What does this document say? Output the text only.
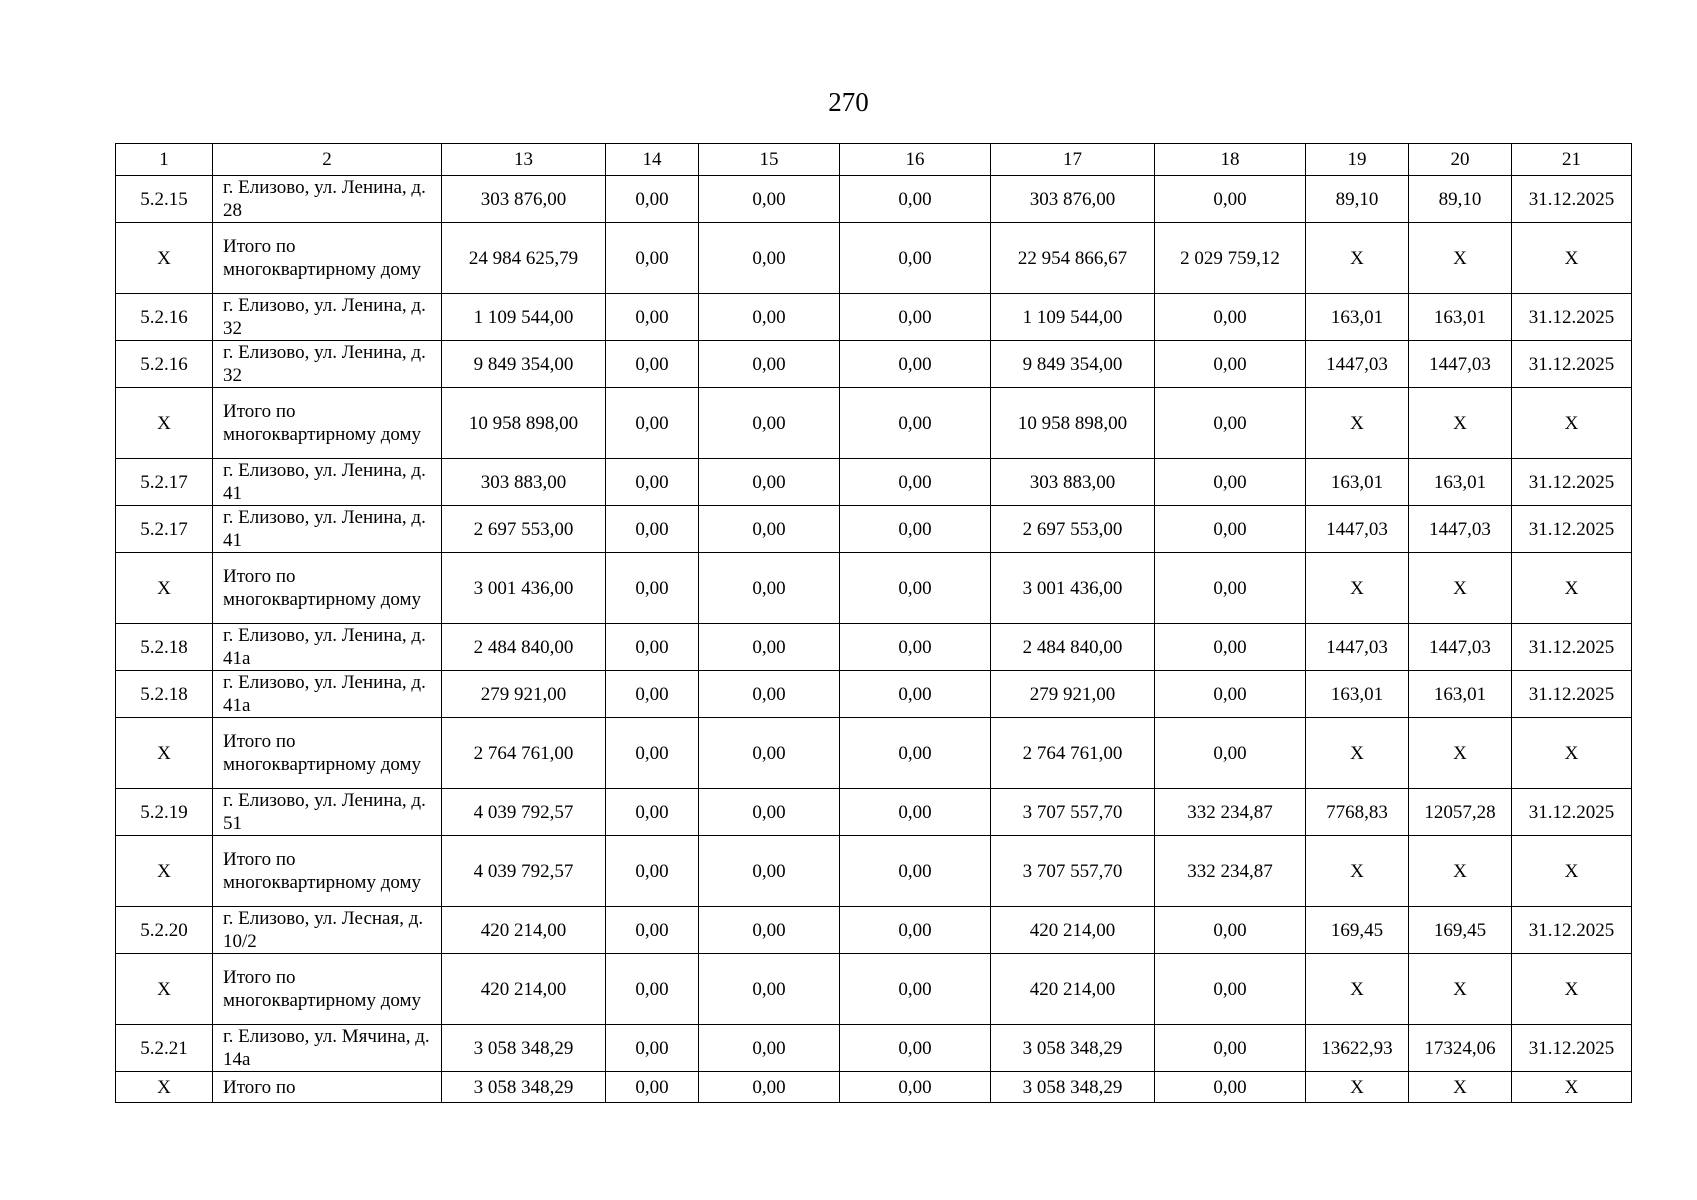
270
1	2	13	14	15	16	17	18	19	20	21
5.2.15	г. Елизово, ул. Ленина, д. 28	303 876,00	0,00	0,00	0,00	303 876,00	0,00	89,10	89,10	31.12.2025
Х	Итого по многоквартирному дому	24 984 625,79	0,00	0,00	0,00	22 954 866,67	2 029 759,12	Х	Х	Х
5.2.16	г. Елизово, ул. Ленина, д. 32	1 109 544,00	0,00	0,00	0,00	1 109 544,00	0,00	163,01	163,01	31.12.2025
5.2.16	г. Елизово, ул. Ленина, д. 32	9 849 354,00	0,00	0,00	0,00	9 849 354,00	0,00	1447,03	1447,03	31.12.2025
Х	Итого по многоквартирному дому	10 958 898,00	0,00	0,00	0,00	10 958 898,00	0,00	Х	Х	Х
5.2.17	г. Елизово, ул. Ленина, д. 41	303 883,00	0,00	0,00	0,00	303 883,00	0,00	163,01	163,01	31.12.2025
5.2.17	г. Елизово, ул. Ленина, д. 41	2 697 553,00	0,00	0,00	0,00	2 697 553,00	0,00	1447,03	1447,03	31.12.2025
Х	Итого по многоквартирному дому	3 001 436,00	0,00	0,00	0,00	3 001 436,00	0,00	Х	Х	Х
5.2.18	г. Елизово, ул. Ленина, д. 41а	2 484 840,00	0,00	0,00	0,00	2 484 840,00	0,00	1447,03	1447,03	31.12.2025
5.2.18	г. Елизово, ул. Ленина, д. 41а	279 921,00	0,00	0,00	0,00	279 921,00	0,00	163,01	163,01	31.12.2025
Х	Итого по многоквартирному дому	2 764 761,00	0,00	0,00	0,00	2 764 761,00	0,00	Х	Х	Х
5.2.19	г. Елизово, ул. Ленина, д. 51	4 039 792,57	0,00	0,00	0,00	3 707 557,70	332 234,87	7768,83	12057,28	31.12.2025
Х	Итого по многоквартирному дому	4 039 792,57	0,00	0,00	0,00	3 707 557,70	332 234,87	Х	Х	Х
5.2.20	г. Елизово, ул. Лесная, д. 10/2	420 214,00	0,00	0,00	0,00	420 214,00	0,00	169,45	169,45	31.12.2025
Х	Итого по многоквартирному дому	420 214,00	0,00	0,00	0,00	420 214,00	0,00	Х	Х	Х
5.2.21	г. Елизово, ул. Мячина, д. 14а	3 058 348,29	0,00	0,00	0,00	3 058 348,29	0,00	13622,93	17324,06	31.12.2025
Х	Итого по	3 058 348,29	0,00	0,00	0,00	3 058 348,29	0,00	Х	Х	Х
